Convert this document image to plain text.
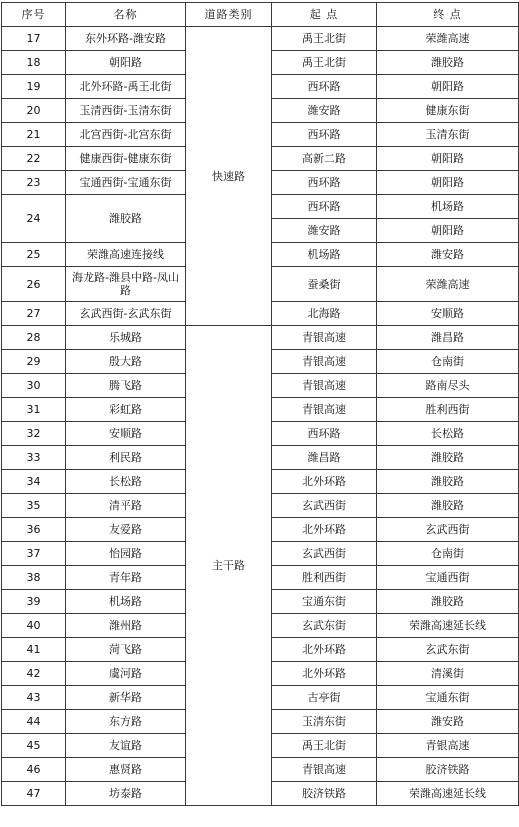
序号	名称	道路类别	起 点	终 点
17	东外环路-潍安路	快速路	禹王北街	荣潍高速
18	朝阳路		禹王北街	潍胶路
19	北外环路-禹王北街		西环路	朝阳路
20	玉清西街-玉清东街		潍安路	健康东街
21	北宫西街-北宫东街		西环路	玉清东街
22	健康西街-健康东街		高新二路	朝阳路
23	宝通西街-宝通东街		西环路	朝阳路
24	潍胶路		西环路	机场路
			潍安路	朝阳路
25	荣潍高速连接线		机场路	潍安路
26	海龙路-潍县中路-凤山路		蚕桑街	荣潍高速
27	玄武西街-玄武东街		北海路	安顺路
28	乐城路	主干路	青银高速	潍昌路
29	殷大路		青银高速	仓南街
30	腾飞路		青银高速	路南尽头
31	彩虹路		青银高速	胜利西街
32	安顺路		西环路	长松路
33	利民路		潍昌路	潍胶路
34	长松路		北外环路	潍胶路
35	清平路		玄武西街	潍胶路
36	友爱路		北外环路	玄武西街
37	怡园路		玄武西街	仓南街
38	青年路		胜利西街	宝通西街
39	机场路		宝通东街	潍胶路
40	潍州路		玄武东街	荣潍高速延长线
41	菏飞路		北外环路	玄武东街
42	虞河路		北外环路	清溪街
43	新华路		古亭街	宝通东街
44	东方路		玉清东街	潍安路
45	友谊路		禹王北街	青银高速
46	惠贤路		青银高速	胶济铁路
47	坊泰路		胶济铁路	荣潍高速延长线
